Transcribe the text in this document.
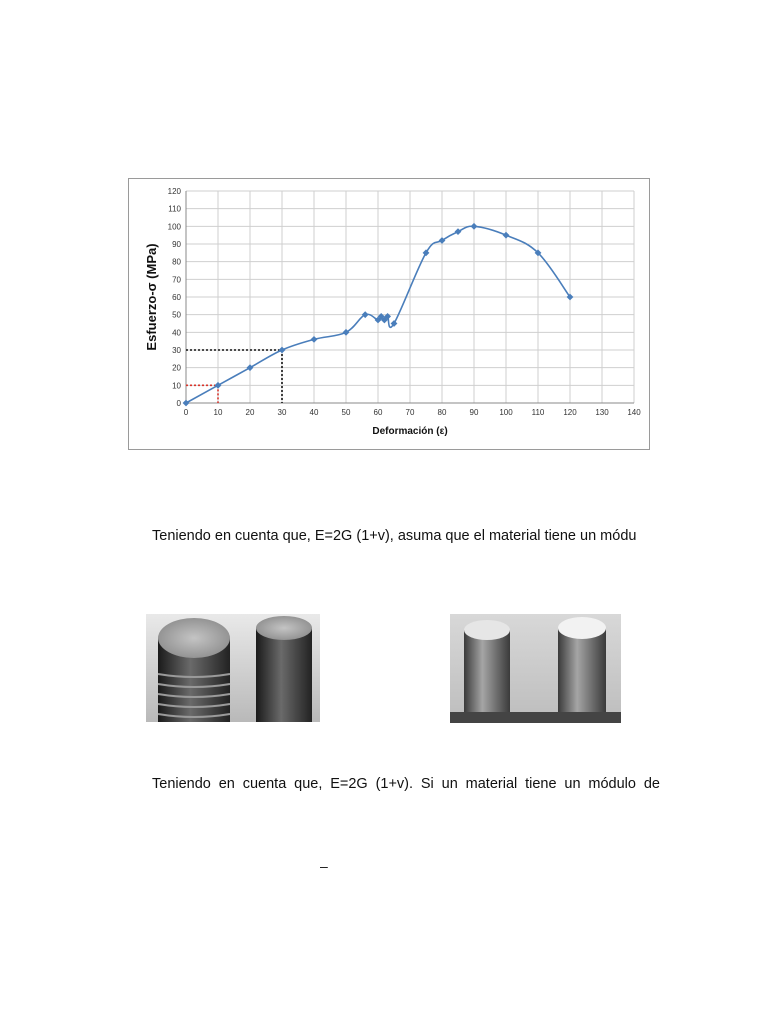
0
10
20
30
40
50
60
70
80
90
100
110
120
0	10	20	30	40	50	60	70	80	90	100 110 120 130 140
Deformación (ε)
Esfuerzo-σ (MPa)
Teniendo en cuenta que, E=2G (1+v), asuma que el material tiene un módu
Teniendo en cuenta que, E=2G (1+v). Si un material tiene un módulo de
–
